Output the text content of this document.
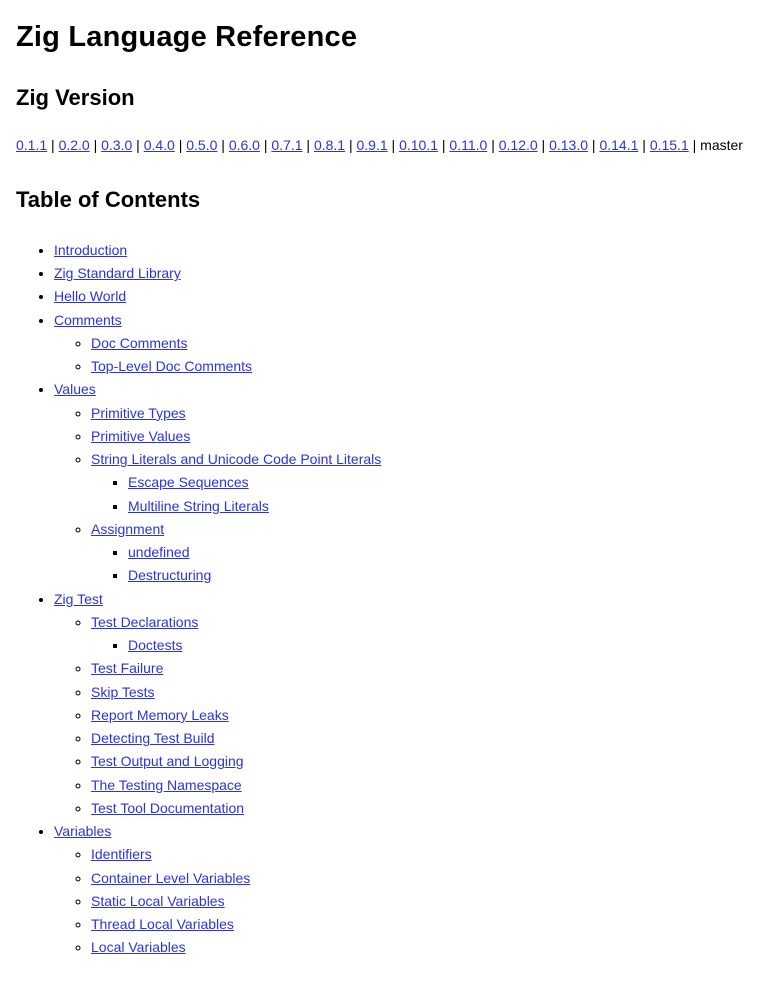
Zig Language Reference
Zig Version

0.1.1 | 0.2.0 | 0.3.0 | 0.4.0 | 0.5.0 | 0.6.0 | 0.7.1 | 0.8.1 | 0.9.1 | 0.10.1 | 0.11.0 | 0.12.0 | 0.13.0 | 0.14.1 | 0.15.1 | master

Table of Contents
• Introduction
• Zig Standard Library
• Hello World
• Comments
◦ Doc Comments
◦ Top-Level Doc Comments
• Values
◦ Primitive Types
◦ Primitive Values
◦ String Literals and Unicode Code Point Literals
▪ Escape Sequences
▪ Multiline String Literals
◦ Assignment
▪ undefined
▪ Destructuring
• Zig Test
◦ Test Declarations
▪ Doctests
◦ Test Failure
◦ Skip Tests
◦ Report Memory Leaks
◦ Detecting Test Build
◦ Test Output and Logging
◦ The Testing Namespace
◦ Test Tool Documentation
• Variables
◦ Identifiers
◦ Container Level Variables
◦ Static Local Variables
◦ Thread Local Variables
◦ Local Variables
